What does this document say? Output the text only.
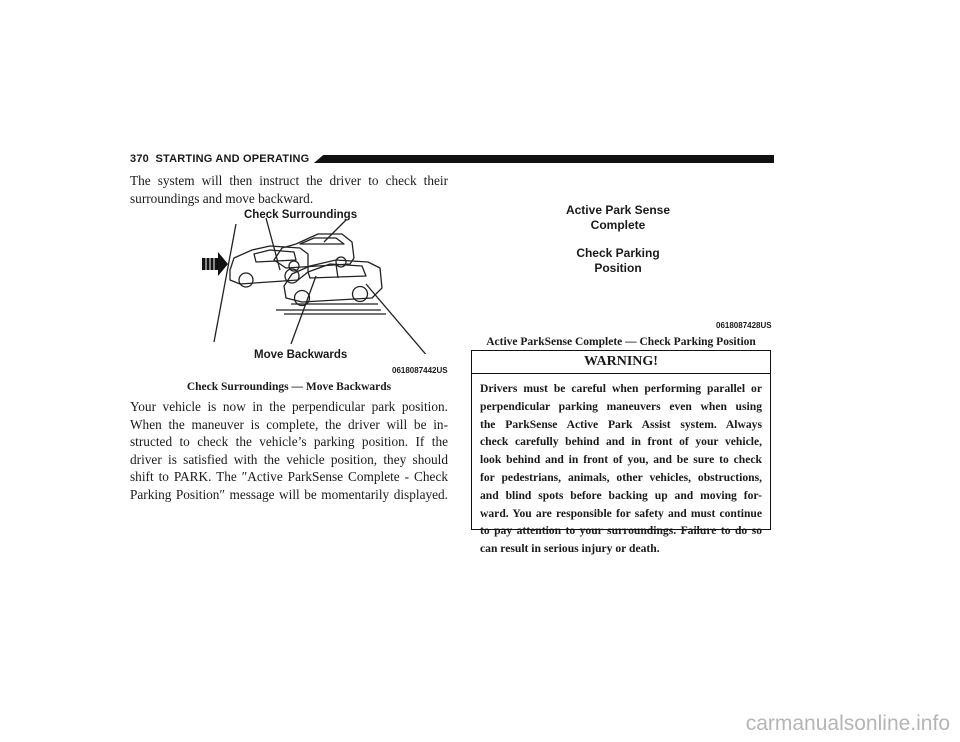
370 STARTING AND OPERATING

The system will then instruct the driver to check their

surroundings and move backward.

Check Surroundings
Move Backwards
0618087442US
Check Surroundings — Move Backwards

Your vehicle is now in the perpendicular park position.

When the maneuver is complete, the driver will be in-

structed to check the vehicle’s parking position. If the

driver is satisfied with the vehicle position, they should

shift to PARK. The ″Active ParkSense Complete - Check

Parking Position″ message will be momentarily displayed.

Active Park Sense
Complete
Check Parking
Position
0618087428US
Active ParkSense Complete — Check Parking Position
WARNING!

Drivers must be careful when performing parallel or

perpendicular parking maneuvers even when using

the ParkSense Active Park Assist system. Always

check carefully behind and in front of your vehicle,

look behind and in front of you, and be sure to check

for pedestrians, animals, other vehicles, obstructions,

and blind spots before backing up and moving for-

ward. You are responsible for safety and must continue

to pay attention to your surroundings. Failure to do so

can result in serious injury or death.

carmanualsonline.info
